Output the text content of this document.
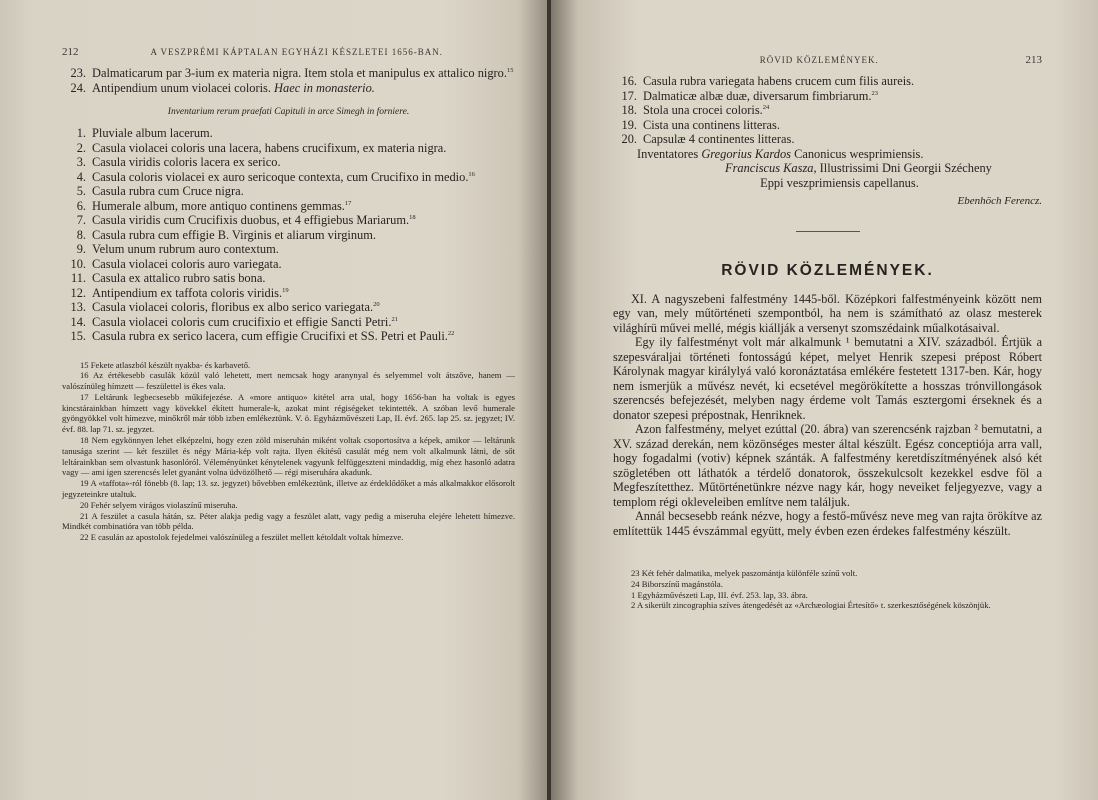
212	A VESZPRÉMI KÁPTALAN EGYHÁZI KÉSZLETEI 1656-BAN.
23. Dalmaticarum par 3-ium ex materia nigra. Item stola et manipulus ex attalico nigro.$^{15}$
24. Antipendium unum violacei coloris. Haec in monasterio.
Inventarium rerum praefati Capituli in arce Simegh in forniere.
1. Pluviale album lacerum.
2. Casula violacei coloris una lacera, habens crucifixum, ex materia nigra.
3. Casula viridis coloris lacera ex serico.
4. Casula coloris violacei ex auro sericoque contexta, cum Crucifixo in medio.$^{16}$
5. Casula rubra cum Cruce nigra.
6. Humerale album, more antiquo continens gemmas.$^{17}$
7. Casula viridis cum Crucifixis duobus, et 4 effigiebus Mariarum.$^{18}$
8. Casula rubra cum effigie B. Virginis et aliarum virginum.
9. Velum unum rubrum auro contextum.
10. Casula violacei coloris auro variegata.
11. Casula ex attalico rubro satis bona.
12. Antipendium ex taffota coloris viridis.$^{19}$
13. Casula violacei coloris, floribus ex albo serico variegata.$^{20}$
14. Casula violacei coloris cum crucifixio et effigie Sancti Petri.$^{21}$
15. Casula rubra ex serico lacera, cum effigie Crucifixi et SS. Petri et Pauli.$^{22}$

15 Fekete atlaszból készült nyakba- és karbavető.

16 Az értékesebb casulák közül való lehetett, mert nemcsak hogy aranynyal és selyemmel volt átszőve, hanem — valószínüleg hímzett — feszülettel is ékes vala.

17 Leltárunk legbecsesebb műkifejezése. A «more antiquo» kitétel arra utal, hogy 1656-ban ha voltak is egyes kincstárainkban hímzett vagy kövekkel ékített humerale-k, azokat mint régiségeket tekintették. A szóban levő humerale gyöngyökkel volt hímezve, minőkről már több izben emlékeztünk. V. ö. Egyházművészeti Lap, II. évf. 265. lap 25. sz. jegyzet; IV. évf. 88. lap 71. sz. jegyzet.

18 Nem egykönnyen lehet elképzelni, hogy ezen zöld miseruhán miként voltak csoportosítva a képek, amikor — leltárunk tanusága szerint — két feszület és négy Mária-kép volt rajta. Ilyen ékítésű casulát még nem volt alkalmunk látni, de sőt leltárainkban sem olvastunk hasonlóról. Véleményünket kénytelenek vagyunk felfüggeszteni mindaddig, míg ehez hasonló adatra vagy — ami igen szerencsés lelet gyanánt volna üdvözölhető — régi miseruhára akadunk.

19 A «taffota»-ról fönebb (8. lap; 13. sz. jegyzet) bővebben emlékeztünk, illetve az érdeklődőket a más alkalmakkor elősorolt jegyzeteinkre utaltuk.

20 Fehér selyem virágos violaszínű miseruha.

21 A feszület a casula hátán, sz. Péter alakja pedig vagy a feszület alatt, vagy pedig a miseruha elejére lehetett hímezve. Mindkét combinatióra van több példa.

22 E casulán az apostolok fejedelmei valószínüleg a feszület mellett kétoldalt voltak hímezve.

RÖVID KÖZLEMÉNYEK.	213
16. Casula rubra variegata habens crucem cum filis aureis.
17. Dalmaticæ albæ duæ, diversarum fimbriarum.$^{23}$
18. Stola una crocei coloris.$^{24}$
19. Cista una continens litteras.
20. Capsulæ 4 continentes litteras.
Inventatores Gregorius Kardos Canonicus wesprimiensis.
Franciscus Kasza, Illustrissimi Dni Georgii Szécheny
Eppi veszprimiensis capellanus.
Ebenhöch Ferencz.
RÖVID KÖZLEMÉNYEK.

XI. A nagyszebeni falfestmény 1445-ből. Középkori falfestményeink között nem egy van, mely műtörténeti szempontból, ha nem is számítható az olasz mesterek világhírü művei mellé, mégis kiállják a versenyt szomszédaink műalkotásaival.

Egy ily falfestményt volt már alkalmunk ¹ bemutatni a XIV. századból. Értjük a szepesváraljai történeti fontosságú képet, melyet Henrik szepesi prépost Róbert Károlynak magyar királylyá való koronáztatása emlékére festetett 1317-ben. Kár, hogy nem ismerjük a művész nevét, ki ecsetével megörökítette a hosszas trónvillongások szerencsés befejezését, melyben nagy érdeme volt Tamás esztergomi érseknek és a donator szepesi prépostnak, Henriknek.

Azon falfestmény, melyet ezúttal (20. ábra) van szerencsénk rajzban ² bemutatni, a XV. század derekán, nem közönséges mester által készült. Egész conceptiója arra vall, hogy fogadalmi (votiv) képnek szánták. A falfestmény keretdíszítményének alsó két szögletében ott láthatók a térdelő donatorok, összekulcsolt kezekkel esdve föl a Megfeszítetthez. Műtörténetünkre nézve nagy kár, hogy neveiket feljegyezve, vagy a templom régi okleveleiben említve nem találjuk.

Annál becsesebb reánk nézve, hogy a festő-művész neve meg van rajta örökítve az említettük 1445 évszámmal együtt, mely évben ezen érdekes falfestmény készült.

23 Két fehér dalmatika, melyek paszomántja különféle színű volt.

24 Biborszínű magánstóla.

1 Egyházművészeti Lap, III. évf. 253. lap, 33. ábra.

2 A sikerült zincographia szíves átengedését az «Archæologiai Értesítő» t. szerkesztőségének köszönjük.
